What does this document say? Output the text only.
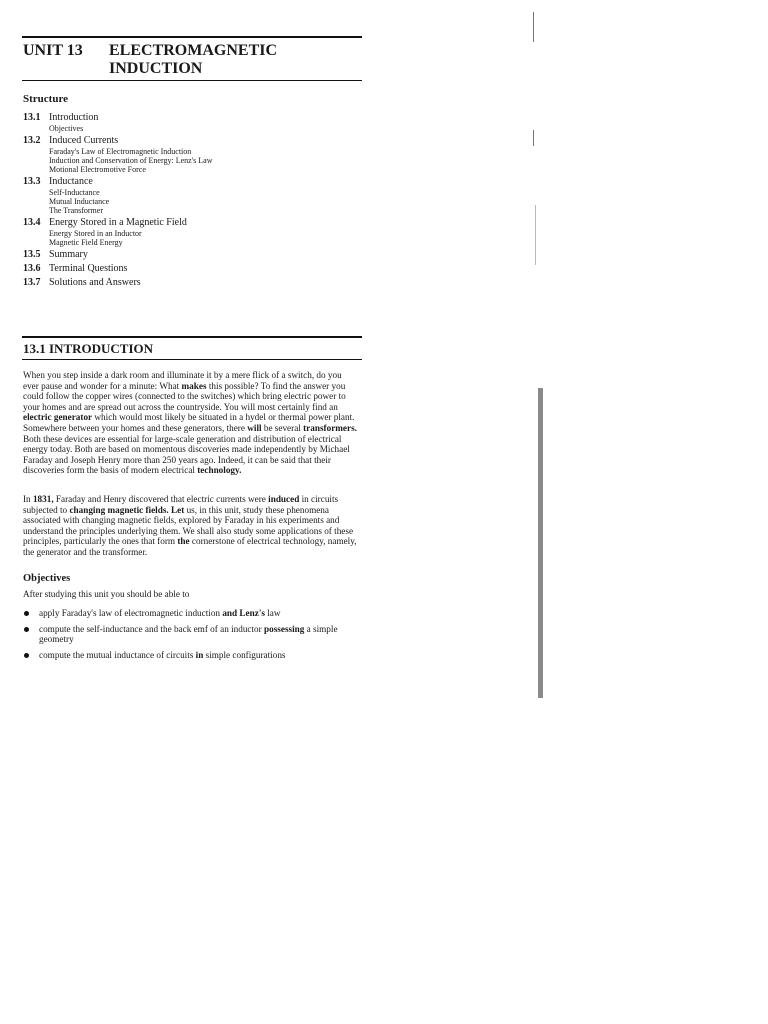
UNIT 13 ELECTROMAGNETIC
INDUCTION
Structure
13.1 Introduction
Objectives
13.2 Induced Currents
Faraday's Law of Electromagnetic Induction
Induction and Conservation of Energy: Lenz's Law
Motional Electromotive Force
13.3 Inductance
Self-Inductance
Mutual Inductance
The Transformer
13.4 Energy Stored in a Magnetic Field
Energy Stored in an Inductor
Magnetic Field Energy
13.5 Summary
13.6 Terminal Questions
13.7 Solutions and Answers
13.1 INTRODUCTION
When you step inside a dark room and illuminate it by a mere flick of a switch, do you ever pause and wonder for a minute: What makes this possible? To find the answer you could follow the copper wires (connected to the switches) which bring electric power to your homes and are spread out across the countryside. You will most certainly find an electric generator which would most likely be situated in a hydel or thermal power plant. Somewhere between your homes and these generators, there will be several transformers. Both these devices are essential for large-scale generation and distribution of electrical energy today. Both are based on momentous discoveries made independently by Michael Faraday and Joseph Henry more than 250 years ago. Indeed, it can be said that their discoveries form the basis of modern electrical technology.
In 1831, Faraday and Henry discovered that electric currents were induced in circuits subjected to changing magnetic fields. Let us, in this unit, study these phenomena associated with changing magnetic fields, explored by Faraday in his experiments and understand the principles underlying them. We shall also study some applications of these principles, particularly the ones that form the cornerstone of electrical technology, namely, the generator and the transformer.
Objectives
After studying this unit you should be able to
apply Faraday's law of electromagnetic induction and Lenz's law
compute the self-inductance and the back emf of an inductor possessing a simple geometry
compute the mutual inductance of circuits in simple configurations
